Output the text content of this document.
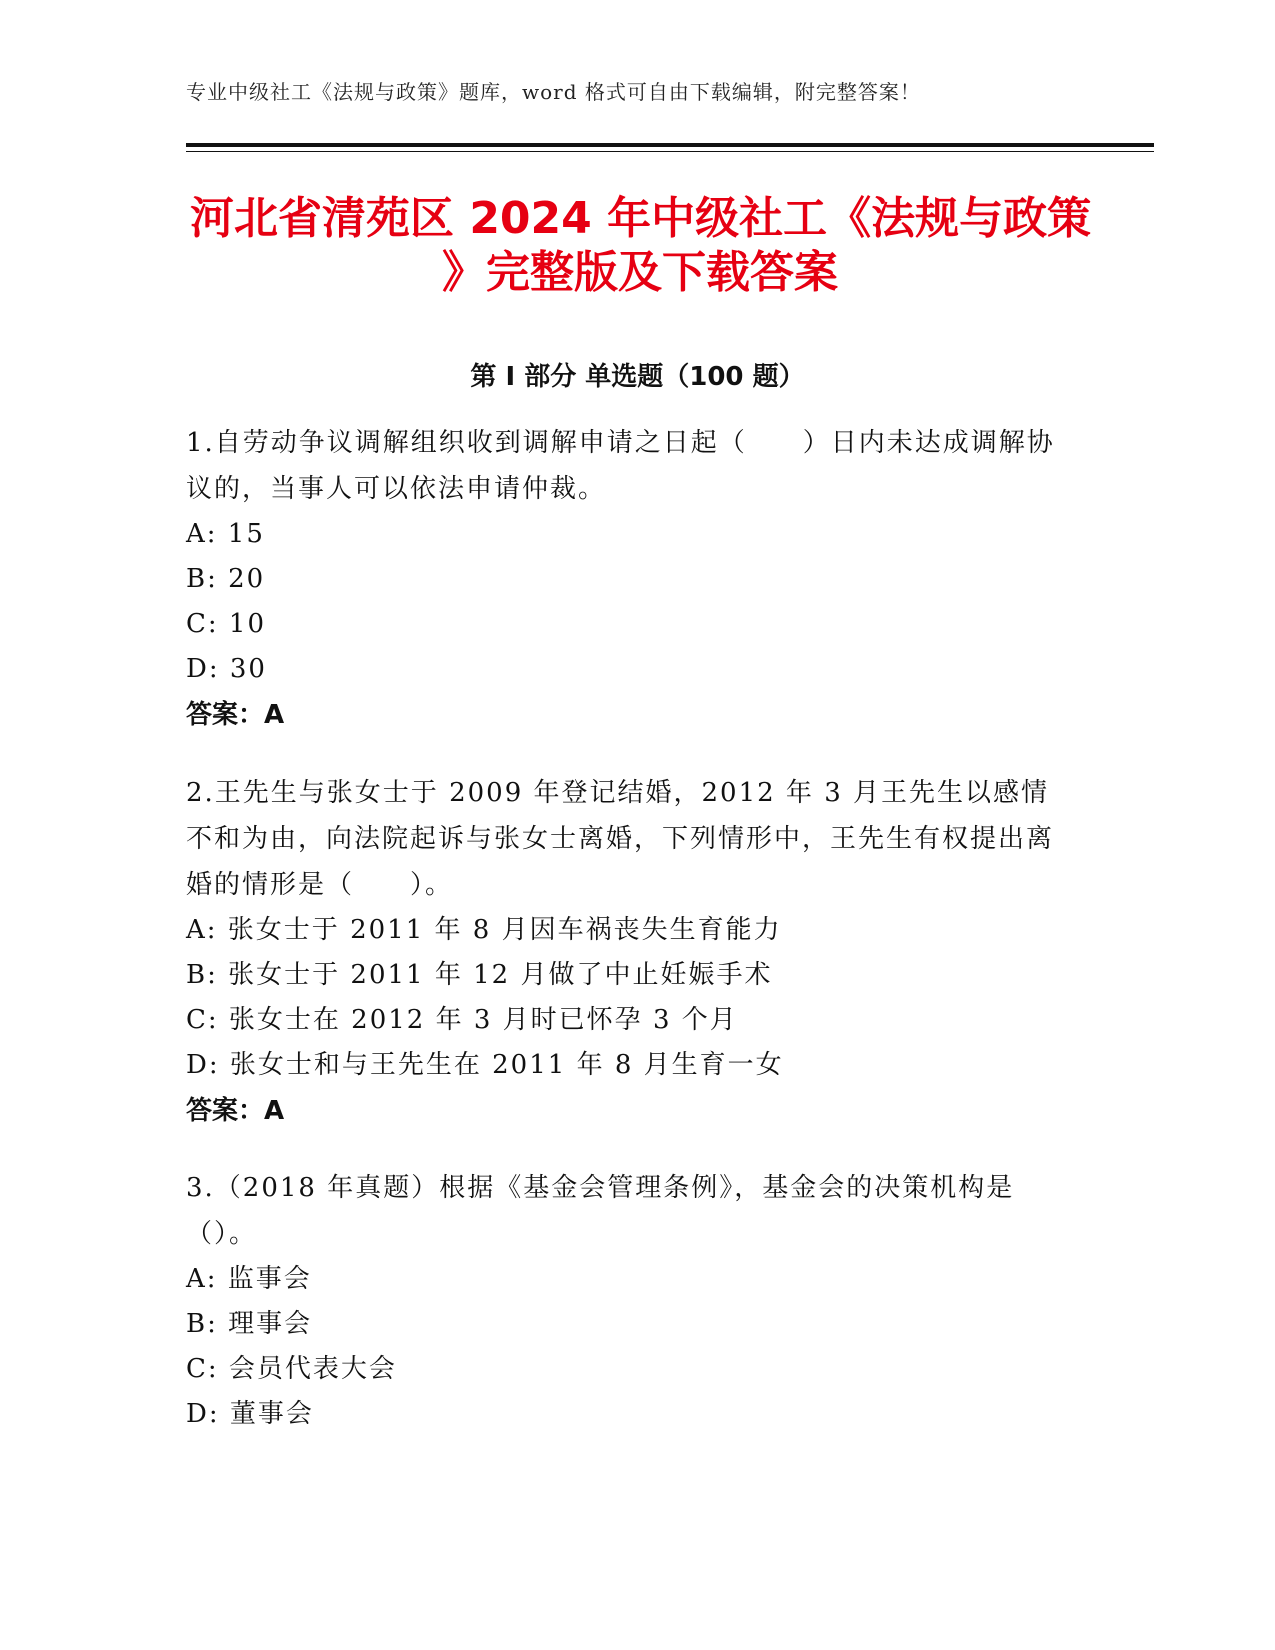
专业中级社工《法规与政策》题库，word 格式可自由下载编辑，附完整答案！
河北省清苑区 2024 年中级社工《法规与政策
》完整版及下载答案
第 I 部分 单选题（100 题）

1.自劳动争议调解组织收到调解申请之日起（　　）日内未达成调解协议的，当事人可以依法申请仲裁。

A: 15

B: 20

C: 10

D: 30

答案：A

2.王先生与张女士于 2009 年登记结婚，2012 年 3 月王先生以感情不和为由，向法院起诉与张女士离婚，下列情形中，王先生有权提出离婚的情形是（　　）。

A: 张女士于 2011 年 8 月因车祸丧失生育能力

B: 张女士于 2011 年 12 月做了中止妊娠手术

C: 张女士在 2012 年 3 月时已怀孕 3 个月

D: 张女士和与王先生在 2011 年 8 月生育一女

答案：A

3.（2018 年真题）根据《基金会管理条例》，基金会的决策机构是（）。

A: 监事会

B: 理事会

C: 会员代表大会

D: 董事会
